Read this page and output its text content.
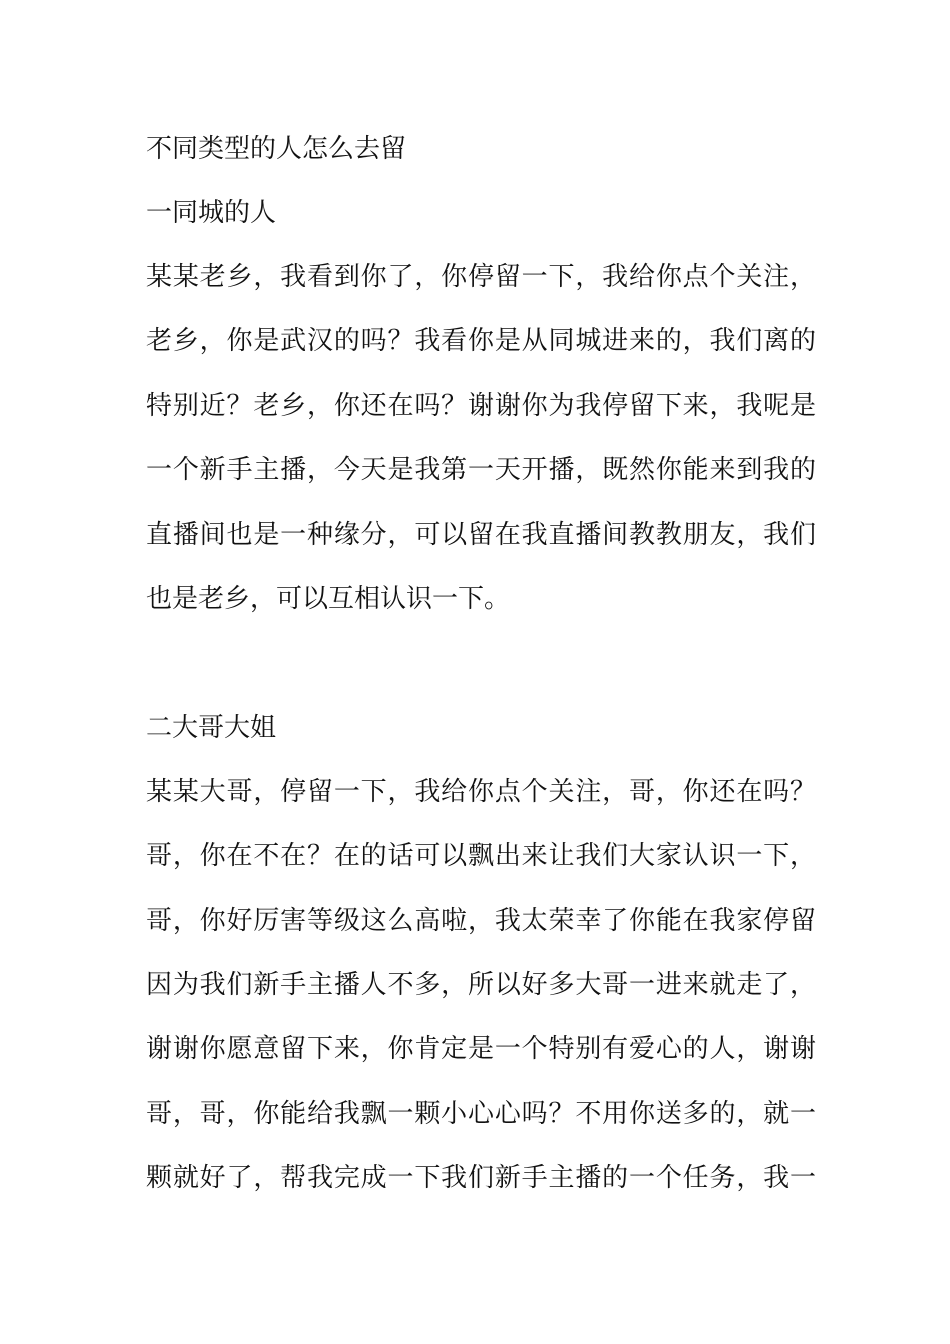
不同类型的人怎么去留
一同城的人
某某老乡，我看到你了，你停留一下，我给你点个关注，
老乡，你是武汉的吗？我看你是从同城进来的，我们离的
特别近？老乡，你还在吗？谢谢你为我停留下来，我呢是
一个新手主播，今天是我第一天开播，既然你能来到我的
直播间也是一种缘分，可以留在我直播间教教朋友，我们
也是老乡，可以互相认识一下。
二大哥大姐
某某大哥，停留一下，我给你点个关注，哥，你还在吗？
哥，你在不在？在的话可以飘出来让我们大家认识一下，
哥，你好厉害等级这么高啦，我太荣幸了你能在我家停留
因为我们新手主播人不多，所以好多大哥一进来就走了，
谢谢你愿意留下来，你肯定是一个特别有爱心的人，谢谢
哥，哥，你能给我飘一颗小心心吗？不用你送多的，就一
颗就好了，帮我完成一下我们新手主播的一个任务，我一
